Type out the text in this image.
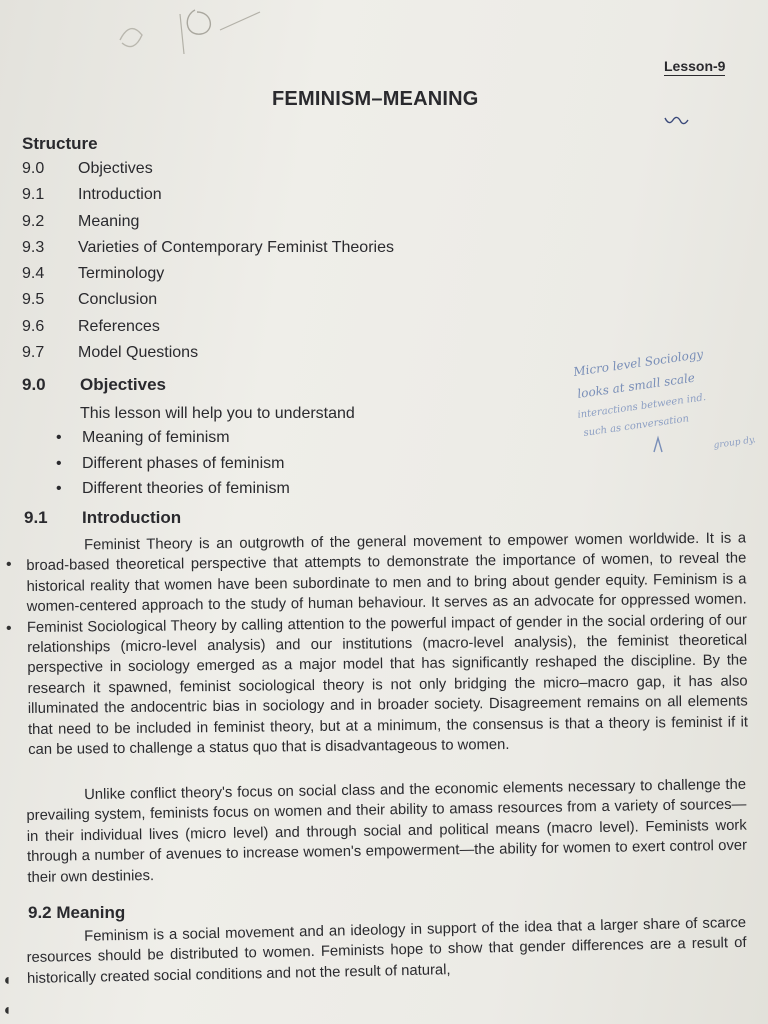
Lesson-9
FEMINISM–MEANING
Structure
9.0	Objectives
9.1	Introduction
9.2	Meaning
9.3	Varieties of Contemporary Feminist Theories
9.4	Terminology
9.5	Conclusion
9.6	References
9.7	Model Questions	Micro level Sociology
looks at small scale
interactions between ind.
such as conversation
group dy.
9.0 Objectives
This lesson will help you to understand
• Meaning of feminism
• Different phases of feminism
• Different theories of feminism
9.1 Introduction
•
•

Feminist Theory is an outgrowth of the general movement to empower women worldwide. It is a broad-based theoretical perspective that attempts to demonstrate the importance of women, to reveal the historical reality that women have been subordinate to men and to bring about gender equity. Feminism is a women-centered approach to the study of human behaviour. It serves as an advocate for oppressed women. Feminist Sociological Theory by calling attention to the powerful impact of gender in the social ordering of our relationships (micro-level analysis) and our institutions (macro-level analysis), the feminist theoretical perspective in sociology emerged as a major model that has significantly reshaped the discipline. By the research it spawned, feminist sociological theory is not only bridging the micro–macro gap, it has also illuminated the andocentric bias in sociology and in broader society. Disagreement remains on all elements that need to be included in feminist theory, but at a minimum, the consensus is that a theory is feminist if it can be used to challenge a status quo that is disadvantageous to women.

Unlike conflict theory's focus on social class and the economic elements necessary to challenge the prevailing system, feminists focus on women and their ability to amass resources from a variety of sources—in their individual lives (micro level) and through social and political means (macro level). Feminists work through a number of avenues to increase women's empowerment—the ability for women to exert control over their own destinies.

9.2 Meaning

Feminism is a social movement and an ideology in support of the idea that a larger share of scarce resources should be distributed to women. Feminists hope to show that gender differences are a result of historically created social conditions and not the result of natural,

◖
◖
